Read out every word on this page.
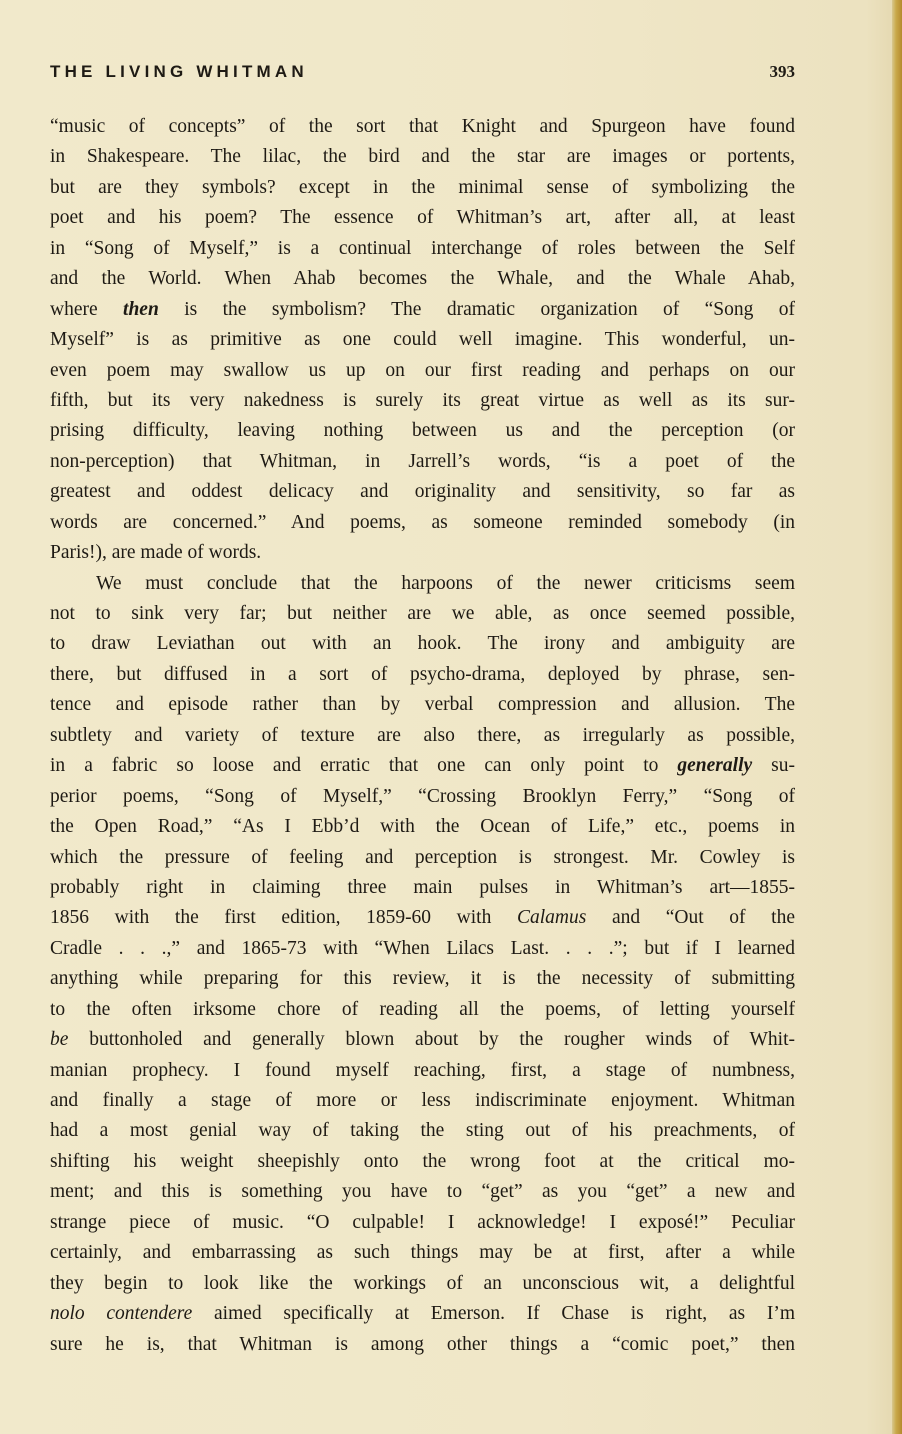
THE LIVING WHITMAN	393
“music of concepts” of the sort that Knight and Spurgeon have found
in Shakespeare. The lilac, the bird and the star are images or portents,
but are they symbols? except in the minimal sense of symbolizing the
poet and his poem? The essence of Whitman’s art, after all, at least
in “Song of Myself,” is a continual interchange of roles between the Self
and the World. When Ahab becomes the Whale, and the Whale Ahab,
where then is the symbolism? The dramatic organization of “Song of
Myself” is as primitive as one could well imagine. This wonderful, un-
even poem may swallow us up on our first reading and perhaps on our
fifth, but its very nakedness is surely its great virtue as well as its sur-
prising difficulty, leaving nothing between us and the perception (or
non-perception) that Whitman, in Jarrell’s words, “is a poet of the
greatest and oddest delicacy and originality and sensitivity, so far as
words are concerned.” And poems, as someone reminded somebody (in
Paris!), are made of words.
We must conclude that the harpoons of the newer criticisms seem
not to sink very far; but neither are we able, as once seemed possible,
to draw Leviathan out with an hook. The irony and ambiguity are
there, but diffused in a sort of psycho-drama, deployed by phrase, sen-
tence and episode rather than by verbal compression and allusion. The
subtlety and variety of texture are also there, as irregularly as possible,
in a fabric so loose and erratic that one can only point to generally su-
perior poems, “Song of Myself,” “Crossing Brooklyn Ferry,” “Song of
the Open Road,” “As I Ebb’d with the Ocean of Life,” etc., poems in
which the pressure of feeling and perception is strongest. Mr. Cowley is
probably right in claiming three main pulses in Whitman’s art—1855-
1856 with the first edition, 1859-60 with Calamus and “Out of the
Cradle . . .,” and 1865-73 with “When Lilacs Last. . . .”; but if I learned
anything while preparing for this review, it is the necessity of submitting
to the often irksome chore of reading all the poems, of letting yourself
be buttonholed and generally blown about by the rougher winds of Whit-
manian prophecy. I found myself reaching, first, a stage of numbness,
and finally a stage of more or less indiscriminate enjoyment. Whitman
had a most genial way of taking the sting out of his preachments, of
shifting his weight sheepishly onto the wrong foot at the critical mo-
ment; and this is something you have to “get” as you “get” a new and
strange piece of music. “O culpable! I acknowledge! I exposé!” Peculiar
certainly, and embarrassing as such things may be at first, after a while
they begin to look like the workings of an unconscious wit, a delightful
nolo contendere aimed specifically at Emerson. If Chase is right, as I’m
sure he is, that Whitman is among other things a “comic poet,” then
